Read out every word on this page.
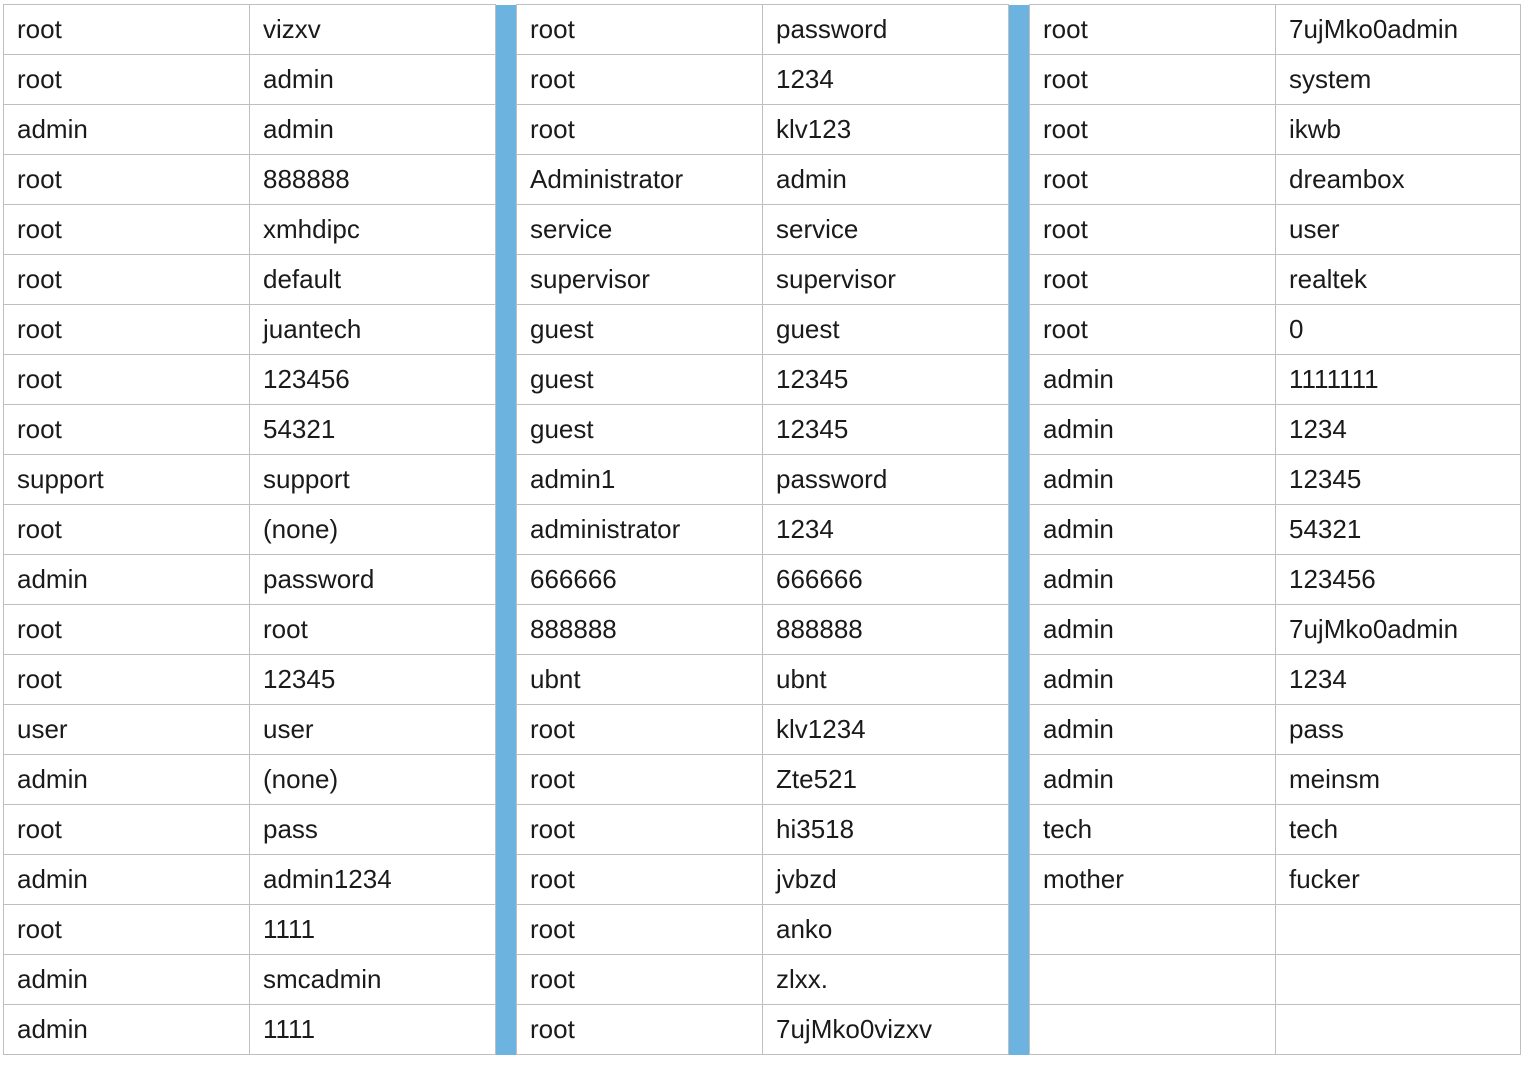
root	vizxv		root	password		root	7ujMko0admin
root	admin		root	1234		root	system
admin	admin		root	klv123		root	ikwb
root	888888		Administrator	admin		root	dreambox
root	xmhdipc		service	service		root	user
root	default		supervisor	supervisor		root	realtek
root	juantech		guest	guest		root	0
root	123456		guest	12345		admin	1111111
root	54321		guest	12345		admin	1234
support	support		admin1	password		admin	12345
root	(none)		administrator	1234		admin	54321
admin	password		666666	666666		admin	123456
root	root		888888	888888		admin	7ujMko0admin
root	12345		ubnt	ubnt		admin	1234
user	user		root	klv1234		admin	pass
admin	(none)		root	Zte521		admin	meinsm
root	pass		root	hi3518		tech	tech
admin	admin1234		root	jvbzd		mother	fucker
root	1111		root	anko			
admin	smcadmin		root	zlxx.			
admin	1111		root	7ujMko0vizxv			
